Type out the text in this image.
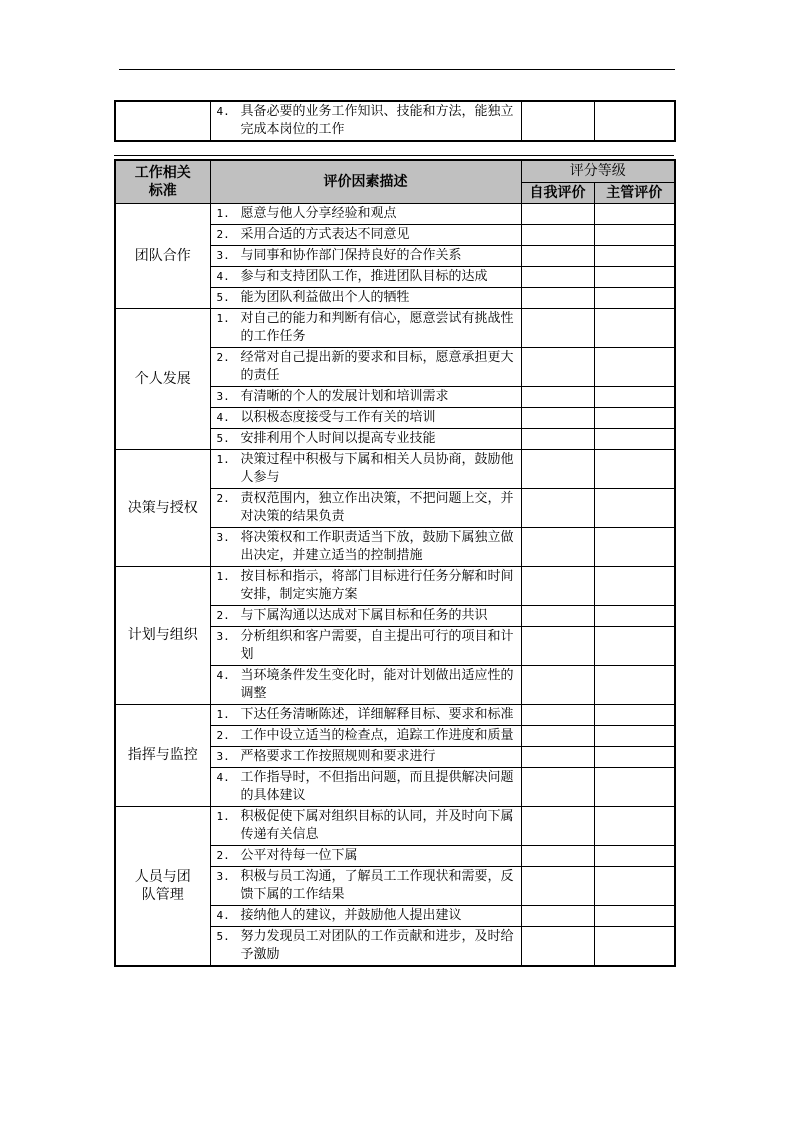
4. 具备必要的业务工作知识、技能和方法，能独立完成本岗位的工作

工作相关标准	评价因素描述	评分等级	
		自我评价	主管评价
团队合作	1. 愿意与他人分享经验和观点		

	2. 采用合适的方式表达不同意见		

	3. 与同事和协作部门保持良好的合作关系		

	4. 参与和支持团队工作，推进团队目标的达成		

	5. 能为团队利益做出个人的牺牲		

个人发展	1. 对自己的能力和判断有信心，愿意尝试有挑战性的工作任务		

	2. 经常对自己提出新的要求和目标，愿意承担更大的责任		

	3. 有清晰的个人的发展计划和培训需求		

	4. 以积极态度接受与工作有关的培训		

	5. 安排利用个人时间以提高专业技能		

决策与授权	1. 决策过程中积极与下属和相关人员协商，鼓励他人参与		

	2. 责权范围内，独立作出决策，不把问题上交，并对决策的结果负责		

	3. 将决策权和工作职责适当下放，鼓励下属独立做出决定，并建立适当的控制措施		

计划与组织	1. 按目标和指示，将部门目标进行任务分解和时间安排，制定实施方案		

	2. 与下属沟通以达成对下属目标和任务的共识		

	3. 分析组织和客户需要，自主提出可行的项目和计划		

	4. 当环境条件发生变化时，能对计划做出适应性的调整		

指挥与监控	1. 下达任务清晰陈述，详细解释目标、要求和标准		

	2. 工作中设立适当的检查点，追踪工作进度和质量		

	3. 严格要求工作按照规则和要求进行		

	4. 工作指导时，不但指出问题，而且提供解决问题的具体建议		

人员与团队管理	1. 积极促使下属对组织目标的认同，并及时向下属传递有关信息		

	2. 公平对待每一位下属		

	3. 积极与员工沟通，了解员工工作现状和需要，反馈下属的工作结果		

	4. 接纳他人的建议，并鼓励他人提出建议		

	5. 努力发现员工对团队的工作贡献和进步，及时给予激励		
